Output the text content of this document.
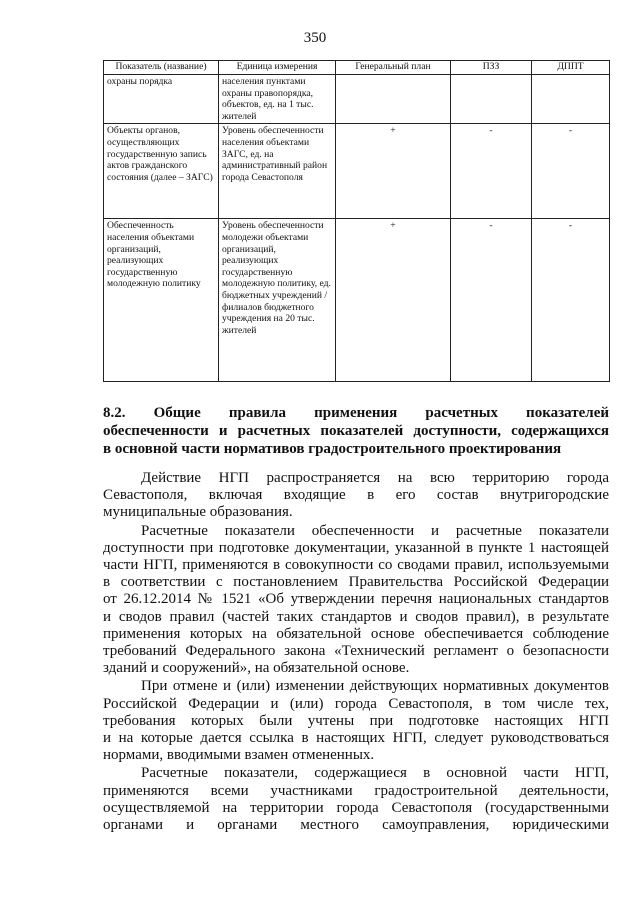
350
Показатель (название)	Единица измерения	Генеральный план	ПЗЗ	ДППТ
охраны порядка	населения пунктами охраны правопорядка, объектов, ед. на 1 тыс. жителей			
Объекты органов, осуществляющих государственную запись актов гражданского состояния (далее – ЗАГС)	Уровень обеспеченности населения объектами ЗАГС, ед. на административный район города Севастополя	+	-	-
Обеспеченность населения объектами организаций, реализующих государственную молодежную политику	Уровень обеспеченности молодежи объектами организаций, реализующих государственную молодежную политику, ед. бюджетных учреждений / филиалов бюджетного учреждения на 20 тыс. жителей	+	-	-
8.2. Общие правила применения расчетных показателей
обеспеченности и расчетных показателей доступности, содержащихся
в основной части нормативов градостроительного проектирования

Действие НГП распространяется на всю территорию города
Севастополя, включая входящие в его состав внутригородские
муниципальные образования.

Расчетные показатели обеспеченности и расчетные показатели
доступности при подготовке документации, указанной в пункте 1 настоящей
части НГП, применяются в совокупности со сводами правил, используемыми
в соответствии с постановлением Правительства Российской Федерации
от 26.12.2014 № 1521 «Об утверждении перечня национальных стандартов
и сводов правил (частей таких стандартов и сводов правил), в результате
применения которых на обязательной основе обеспечивается соблюдение
требований Федерального закона «Технический регламент о безопасности
зданий и сооружений», на обязательной основе.

При отмене и (или) изменении действующих нормативных документов
Российской Федерации и (или) города Севастополя, в том числе тех,
требования которых были учтены при подготовке настоящих НГП
и на которые дается ссылка в настоящих НГП, следует руководствоваться
нормами, вводимыми взамен отмененных.

Расчетные показатели, содержащиеся в основной части НГП,
применяются всеми участниками градостроительной деятельности,
осуществляемой на территории города Севастополя (государственными
органами и органами местного самоуправления, юридическими
